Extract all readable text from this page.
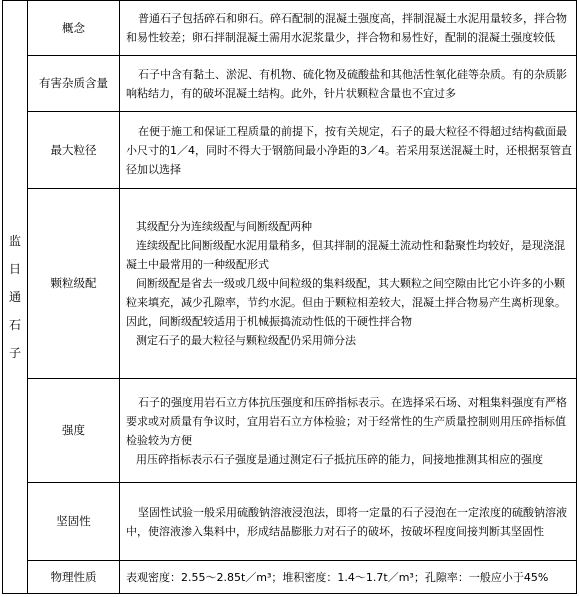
监
日
通
石
子	概念	普通石子包括碎石和卵石。碎石配制的混凝土强度高，拌制混凝土水泥用量较多，拌合物和易性较差；卵石拌制混凝土需用水泥浆量少，拌合物和易性好，配制的混凝土强度较低

	有害杂质含量	石子中含有黏土、淤泥、有机物、硫化物及硫酸盐和其他活性氧化硅等杂质。有的杂质影响粘结力，有的破坏混凝土结构。此外，针片状颗粒含量也不宜过多

	最大粒径	在便于施工和保证工程质量的前提下，按有关规定，石子的最大粒径不得超过结构截面最小尺寸的1／4，同时不得大于钢筋间最小净距的3／4。若采用泵送混凝土时，还根据泵管直径加以选择

	颗粒级配	其级配分为连续级配与间断级配两种

连续级配比间断级配水泥用量稍多，但其拌制的混凝土流动性和黏聚性均较好，是现浇混凝土中最常用的一种级配形式

间断级配是省去一级或几级中间粒级的集料级配，其大颗粒之间空隙由比它小许多的小颗粒来填充，减少孔隙率，节约水泥。但由于颗粒相差较大，混凝土拌合物易产生离析现象。因此，间断级配较适用于机械振捣流动性低的干硬性拌合物

测定石子的最大粒径与颗粒级配仍采用筛分法

	强度	石子的强度用岩石立方体抗压强度和压碎指标表示。在选择采石场、对粗集料强度有严格要求或对质量有争议时，宜用岩石立方体检验；对于经常性的生产质量控制则用压碎指标值检验较为方便

用压碎指标表示石子强度是通过测定石子抵抗压碎的能力，间接地推测其相应的强度

	坚固性	坚固性试验一般采用硫酸钠溶液浸泡法，即将一定量的石子浸泡在一定浓度的硫酸钠溶液中，使溶液渗入集料中，形成结晶膨胀力对石子的破坏，按破坏程度间接判断其坚固性

	物理性质	表观密度：2.55～2.85t／m³；堆积密度：1.4～1.7t／m³；孔隙率：一般应小于45%
